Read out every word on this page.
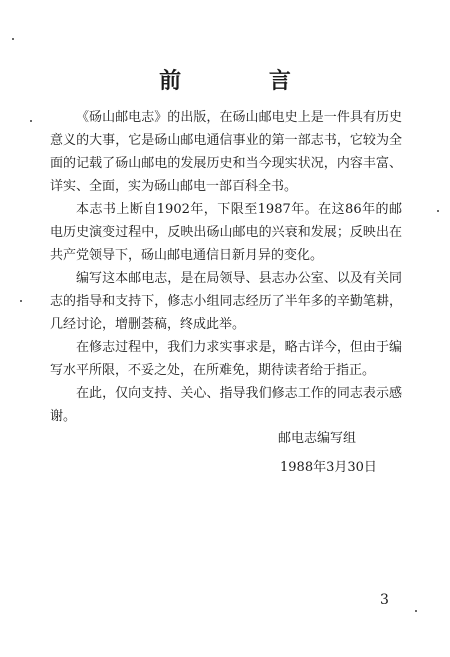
前 言

《砀山邮电志》的出版，在砀山邮电史上是一件具有历史意义的大事，它是砀山邮电通信事业的第一部志书，它较为全面的记载了砀山邮电的发展历史和当今现实状况，内容丰富、详实、全面，实为砀山邮电一部百科全书。

本志书上断自1902年，下限至1987年。在这86年的邮电历史演变过程中，反映出砀山邮电的兴衰和发展；反映出在共产党领导下，砀山邮电通信日新月异的变化。

编写这本邮电志，是在局领导、县志办公室、以及有关同志的指导和支持下，修志小组同志经历了半年多的辛勤笔耕，几经讨论，增删荟稿，终成此举。

在修志过程中，我们力求实事求是，略古详今，但由于编写水平所限，不妥之处，在所难免，期待读者给于指正。

在此，仅向支持、关心、指导我们修志工作的同志表示感谢。

邮电志编写组
1988年3月30日
3
